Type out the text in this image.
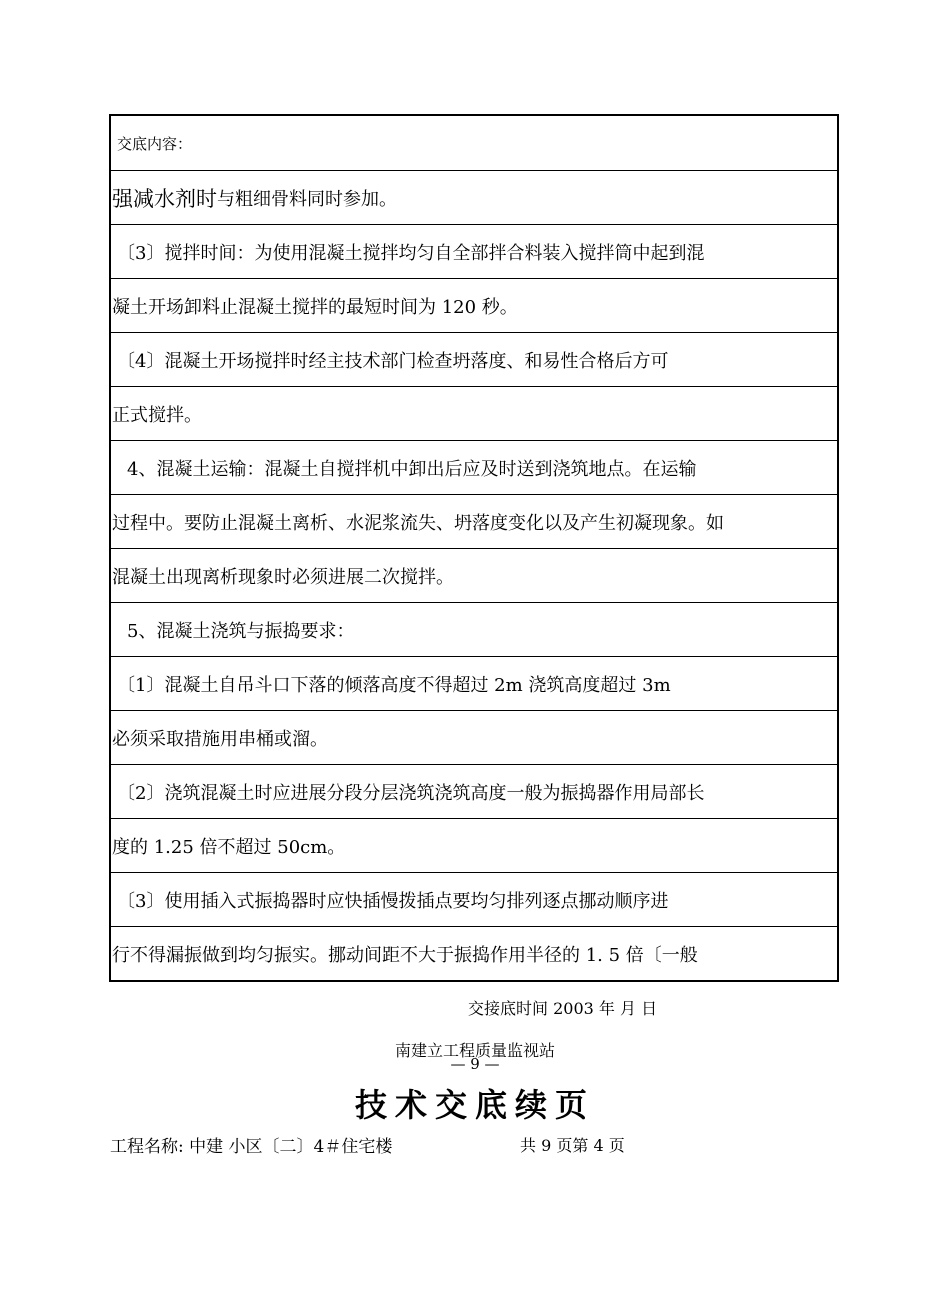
交底内容：
强减水剂时 与粗细骨料同时参加。
〔3〕搅拌时间：为使用混凝土搅拌均匀自全部拌合料装入搅拌筒中起到混
凝土开场卸料止混凝土搅拌的最短时间为 120 秒。
〔4〕混凝土开场搅拌时经主技术部门检查坍落度、和易性合格后方可
正式搅拌。
4、混凝土运输：混凝土自搅拌机中卸出后应及时送到浇筑地点。在运输
过程中。要防止混凝土离析、水泥浆流失、坍落度变化以及产生初凝现象。如
混凝土出现离析现象时必须进展二次搅拌。
5、混凝土浇筑与振捣要求：
〔1〕混凝土自吊斗口下落的倾落高度不得超过 2m 浇筑高度超过 3m
必须采取措施用串桶或溜。
〔2〕浇筑混凝土时应进展分段分层浇筑浇筑高度一般为振捣器作用局部长
度的 1.25 倍不超过 50cm。
〔3〕使用插入式振捣器时应快插慢拨插点要均匀排列逐点挪动顺序进
行不得漏振做到均匀振实。挪动间距不大于振捣作用半径的 1. 5 倍〔一般
交接底时间 2003 年 月 日
南建立工程质量监视站
— 9 —
技术交底续页
工程名称: 中建 小区〔二〕4＃住宅楼	共 9 页第 4 页
